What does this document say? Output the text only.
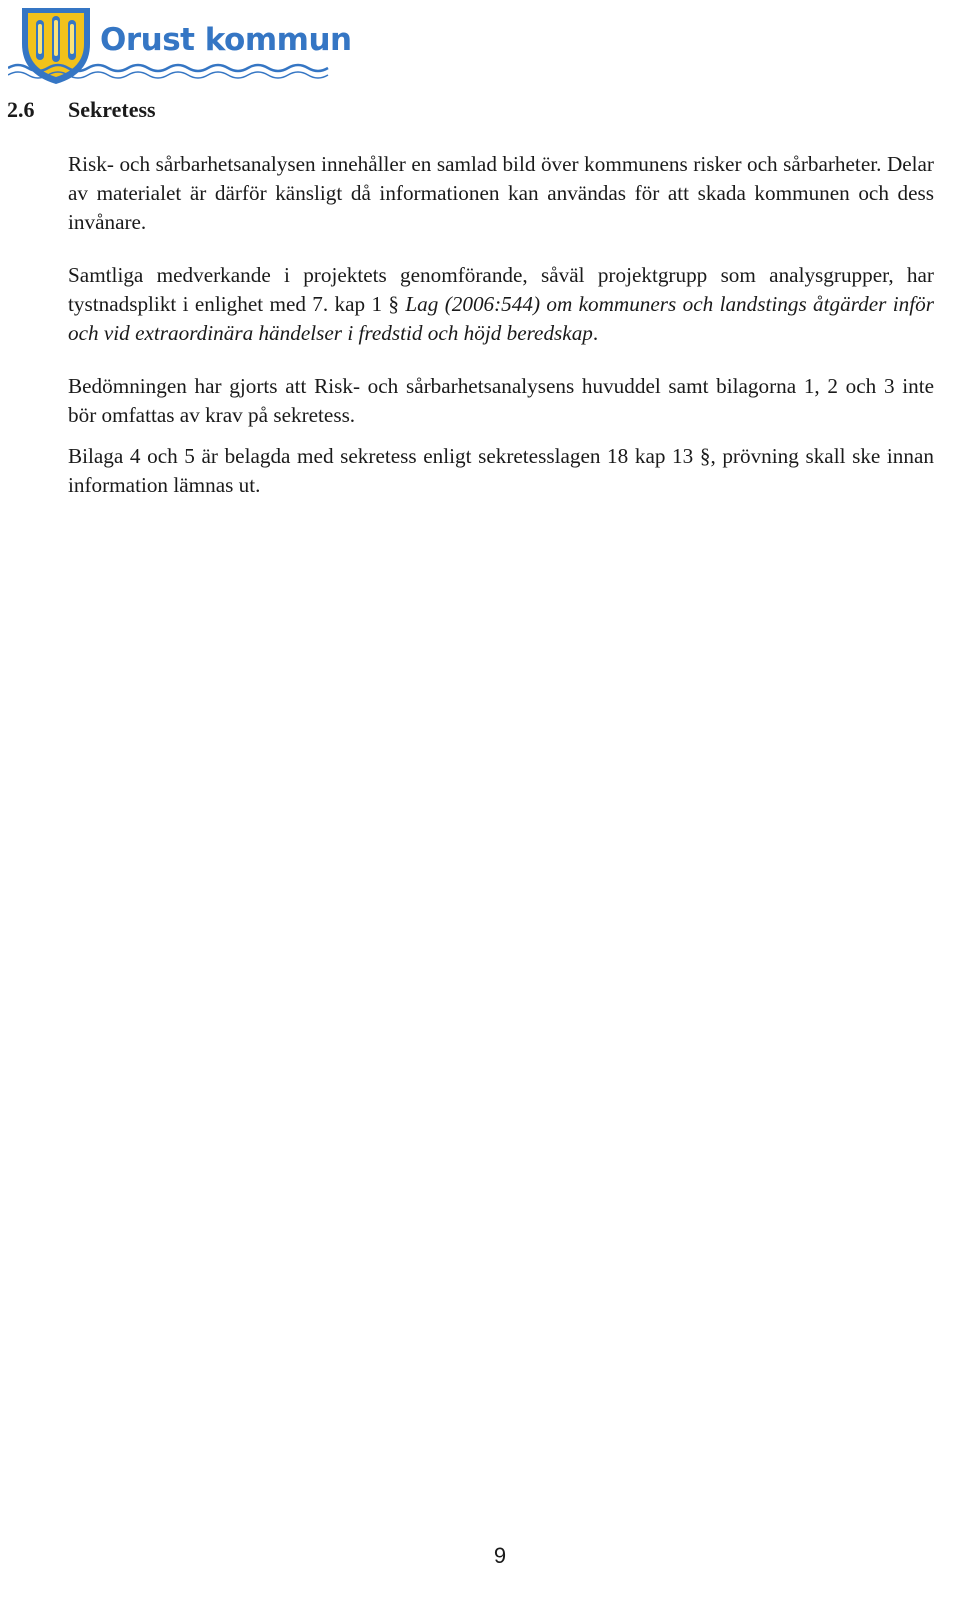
Orust kommun
2.6 Sekretess

Risk- och sårbarhetsanalysen innehåller en samlad bild över kommunens risker och sårbarheter. Delar av materialet är därför känsligt då informationen kan användas för att skada kommunen och dess invånare.

Samtliga medverkande i projektets genomförande, såväl projektgrupp som analysgrupper, har tystnadsplikt i enlighet med 7. kap 1 § Lag (2006:544) om kommuners och landstings åtgärder inför och vid extraordinära händelser i fredstid och höjd beredskap.

Bedömningen har gjorts att Risk- och sårbarhetsanalysens huvuddel samt bilagorna 1, 2 och 3 inte bör omfattas av krav på sekretess.

Bilaga 4 och 5 är belagda med sekretess enligt sekretesslagen 18 kap 13 §, prövning skall ske innan information lämnas ut.

9
